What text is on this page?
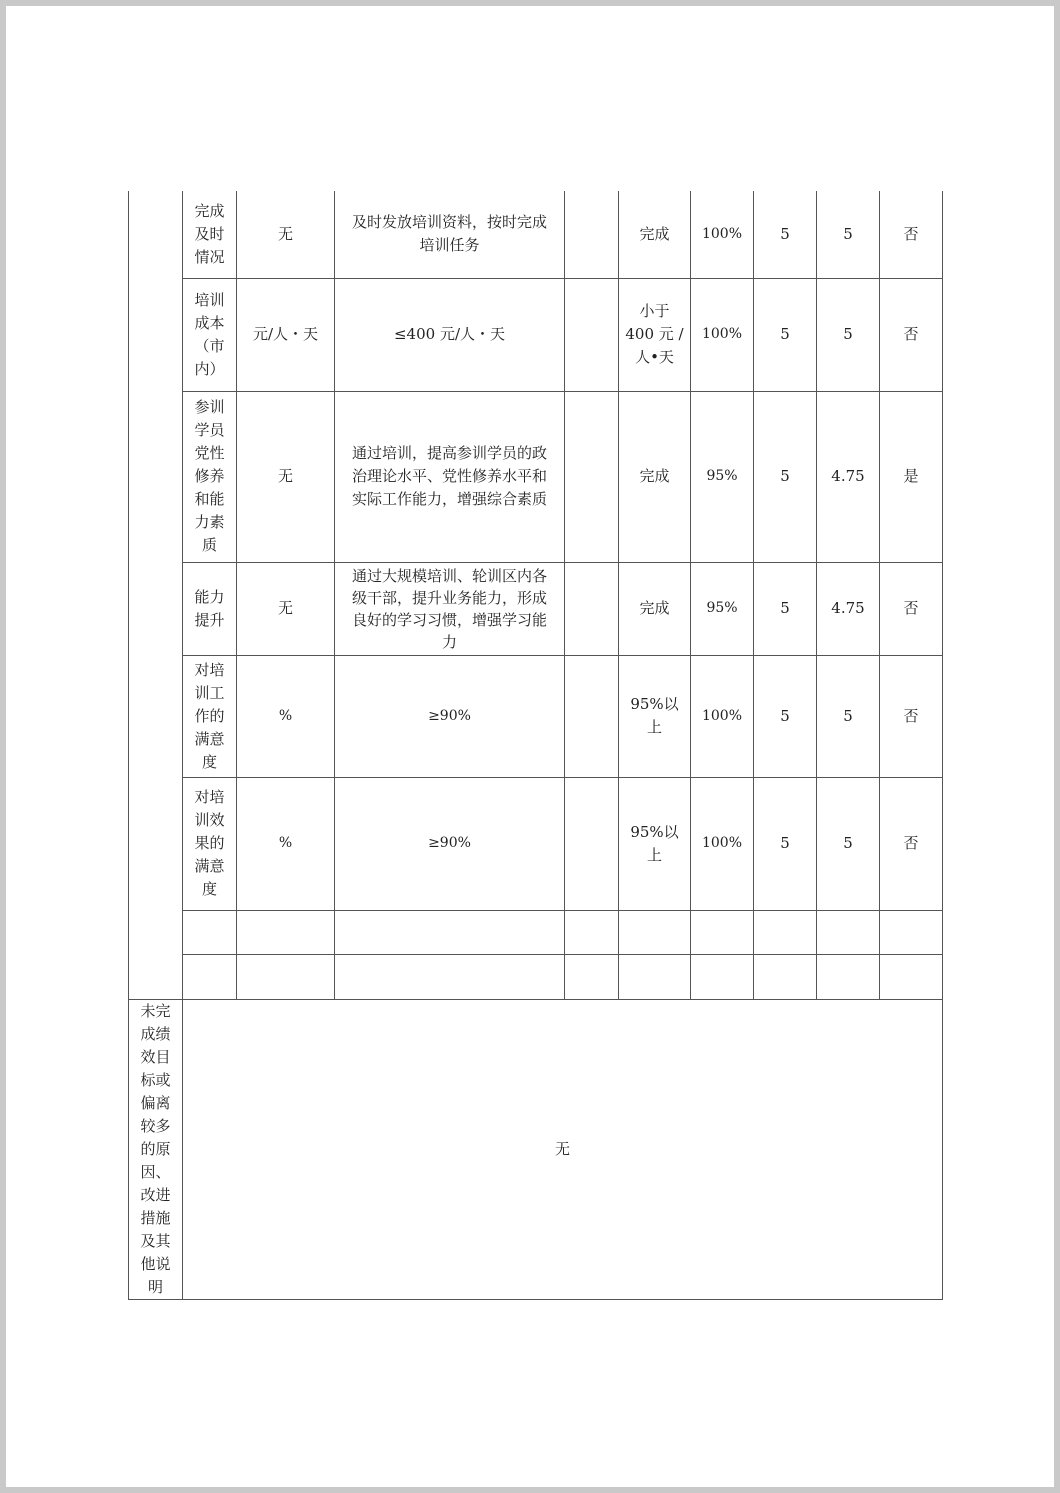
	完成及时情况	无	及时发放培训资料，按时完成培训任务		完成	100%	5	5	否
	培训成本（市内）	元/人・天	≤400 元/人・天		小于 400 元 /人•天	100%	5	5	否
	参训学员党性修养和能力素质	无	通过培训，提高参训学员的政治理论水平、党性修养水平和实际工作能力，增强综合素质		完成	95%	5	4.75	是
	能力提升	无	通过大规模培训、轮训区内各级干部，提升业务能力，形成良好的学习习惯，增强学习能力		完成	95%	5	4.75	否
	对培训工作的满意度	%	≥90%		95%以上	100%	5	5	否
	对培训效果的满意度	%	≥90%		95%以上	100%	5	5	否

未完成绩效目标或偏离较多的原因、改进措施及其他说明	无								
